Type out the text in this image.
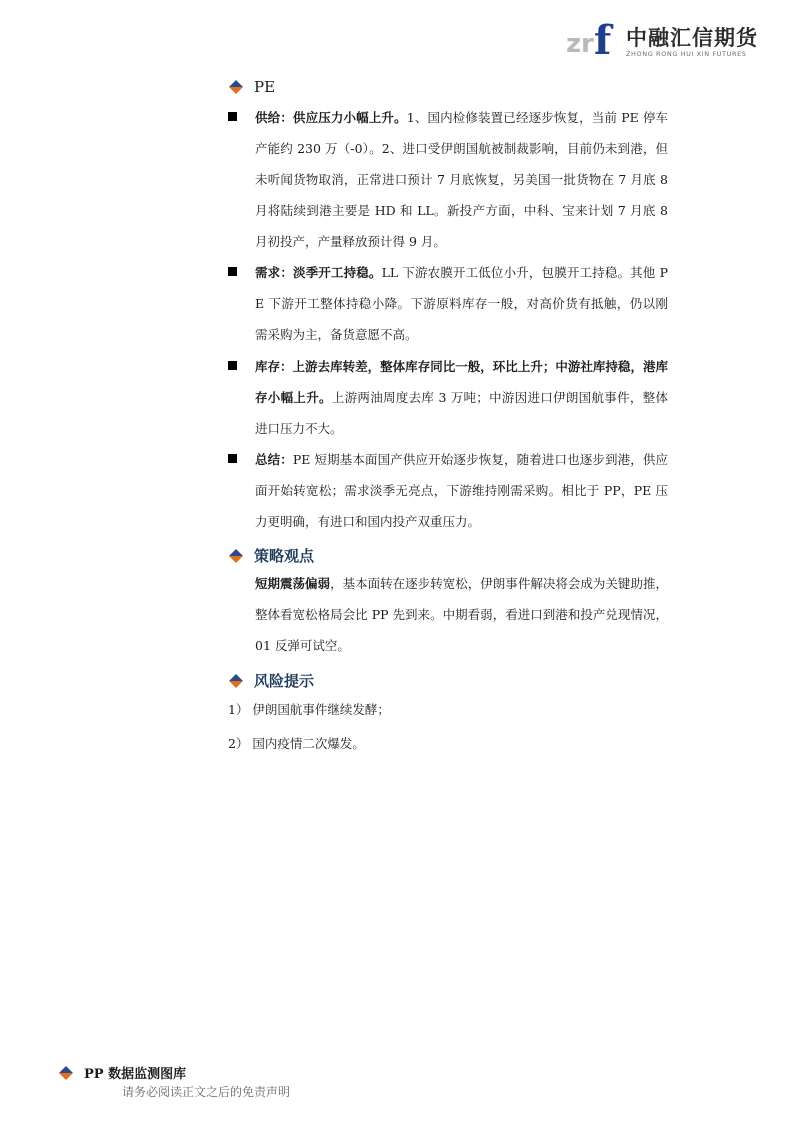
z r f 中融汇信期货
ZHONG RONG HUI XIN FUTURES
PE
供给：供应压力小幅上升。1、国内检修装置已经逐步恢复，当前 PE 停车产能约 230 万（-0）。2、进口受伊朗国航被制裁影响，目前仍未到港，但未听闻货物取消，正常进口预计 7 月底恢复，另美国一批货物在 7 月底 8 月将陆续到港主要是 HD 和 LL。新投产方面，中科、宝来计划 7 月底 8 月初投产，产量释放预计得 9 月。
需求：淡季开工持稳。LL 下游农膜开工低位小升，包膜开工持稳。其他 PE 下游开工整体持稳小降。下游原料库存一般，对高价货有抵触，仍以刚需采购为主，备货意愿不高。
库存：上游去库转差，整体库存同比一般，环比上升；中游社库持稳，港库存小幅上升。上游两油周度去库 3 万吨；中游因进口伊朗国航事件，整体进口压力不大。
总结：PE 短期基本面国产供应开始逐步恢复，随着进口也逐步到港，供应面开始转宽松；需求淡季无亮点，下游维持刚需采购。相比于 PP，PE 压力更明确，有进口和国内投产双重压力。
策略观点
短期震荡偏弱，基本面转在逐步转宽松，伊朗事件解决将会成为关键助推，整体看宽松格局会比 PP 先到来。中期看弱，看进口到港和投产兑现情况，01 反弹可试空。
风险提示
1） 伊朗国航事件继续发酵；
2） 国内疫情二次爆发。
PP 数据监测图库
请务必阅读正文之后的免责声明
